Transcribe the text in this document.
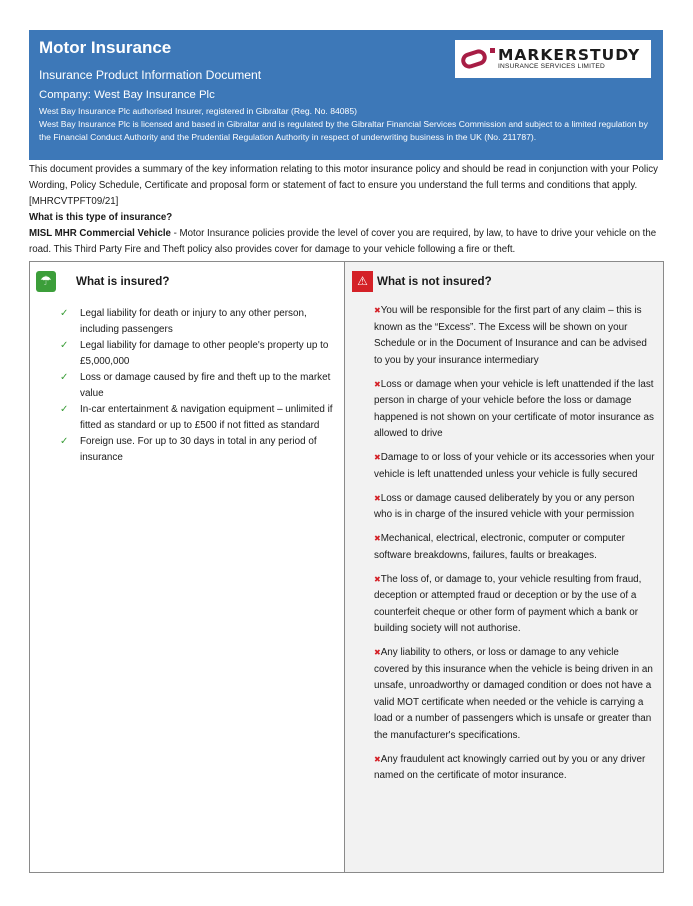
Motor Insurance
Insurance Product Information Document
Company: West Bay Insurance Plc
West Bay Insurance Plc authorised Insurer, registered in Gibraltar (Reg. No. 84085)
West Bay Insurance Plc is licensed and based in Gibraltar and is regulated by the Gibraltar Financial Services Commission and subject to a limited regulation by the Financial Conduct Authority and the Prudential Regulation Authority in respect of underwriting business in the UK (No. 211787).
MARKERSTUDY
INSURANCE SERVICES LIMITED

This document provides a summary of the key information relating to this motor insurance policy and should be read in conjunction with your Policy Wording, Policy Schedule, Certificate and proposal form or statement of fact to ensure you understand the full terms and conditions that apply. [MHRCVTPFT09/21]

What is this type of insurance?

MISL MHR Commercial Vehicle - Motor Insurance policies provide the level of cover you are required, by law, to have to drive your vehicle on the road. This Third Party Fire and Theft policy also provides cover for damage to your vehicle following a fire or theft.

☂	What is insured?
✓ Legal liability for death or injury to any other person, including passengers
✓ Legal liability for damage to other people's property up to £5,000,000
✓ Loss or damage caused by fire and theft up to the market value
✓ In-car entertainment & navigation equipment – unlimited if fitted as standard or up to £500 if not fitted as standard
✓ Foreign use. For up to 30 days in total in any period of insurance
⚠ What is not insured?
✖You will be responsible for the first part of any claim – this is known as the “Excess”. The Excess will be shown on your Schedule or in the Document of Insurance and can be advised to you by your insurance intermediary
✖Loss or damage when your vehicle is left unattended if the last person in charge of your vehicle before the loss or damage happened is not shown on your certificate of motor insurance as allowed to drive
✖Damage to or loss of your vehicle or its accessories when your vehicle is left unattended unless your vehicle is fully secured
✖Loss or damage caused deliberately by you or any person who is in charge of the insured vehicle with your permission
✖Mechanical, electrical, electronic, computer or computer software breakdowns, failures, faults or breakages.
✖The loss of, or damage to, your vehicle resulting from fraud, deception or attempted fraud or deception or by the use of a counterfeit cheque or other form of payment which a bank or building society will not authorise.
✖Any liability to others, or loss or damage to any vehicle covered by this insurance when the vehicle is being driven in an unsafe, unroadworthy or damaged condition or does not have a valid MOT certificate when needed or the vehicle is carrying a load or a number of passengers which is unsafe or greater than the manufacturer's specifications.
✖Any fraudulent act knowingly carried out by you or any driver named on the certificate of motor insurance.
